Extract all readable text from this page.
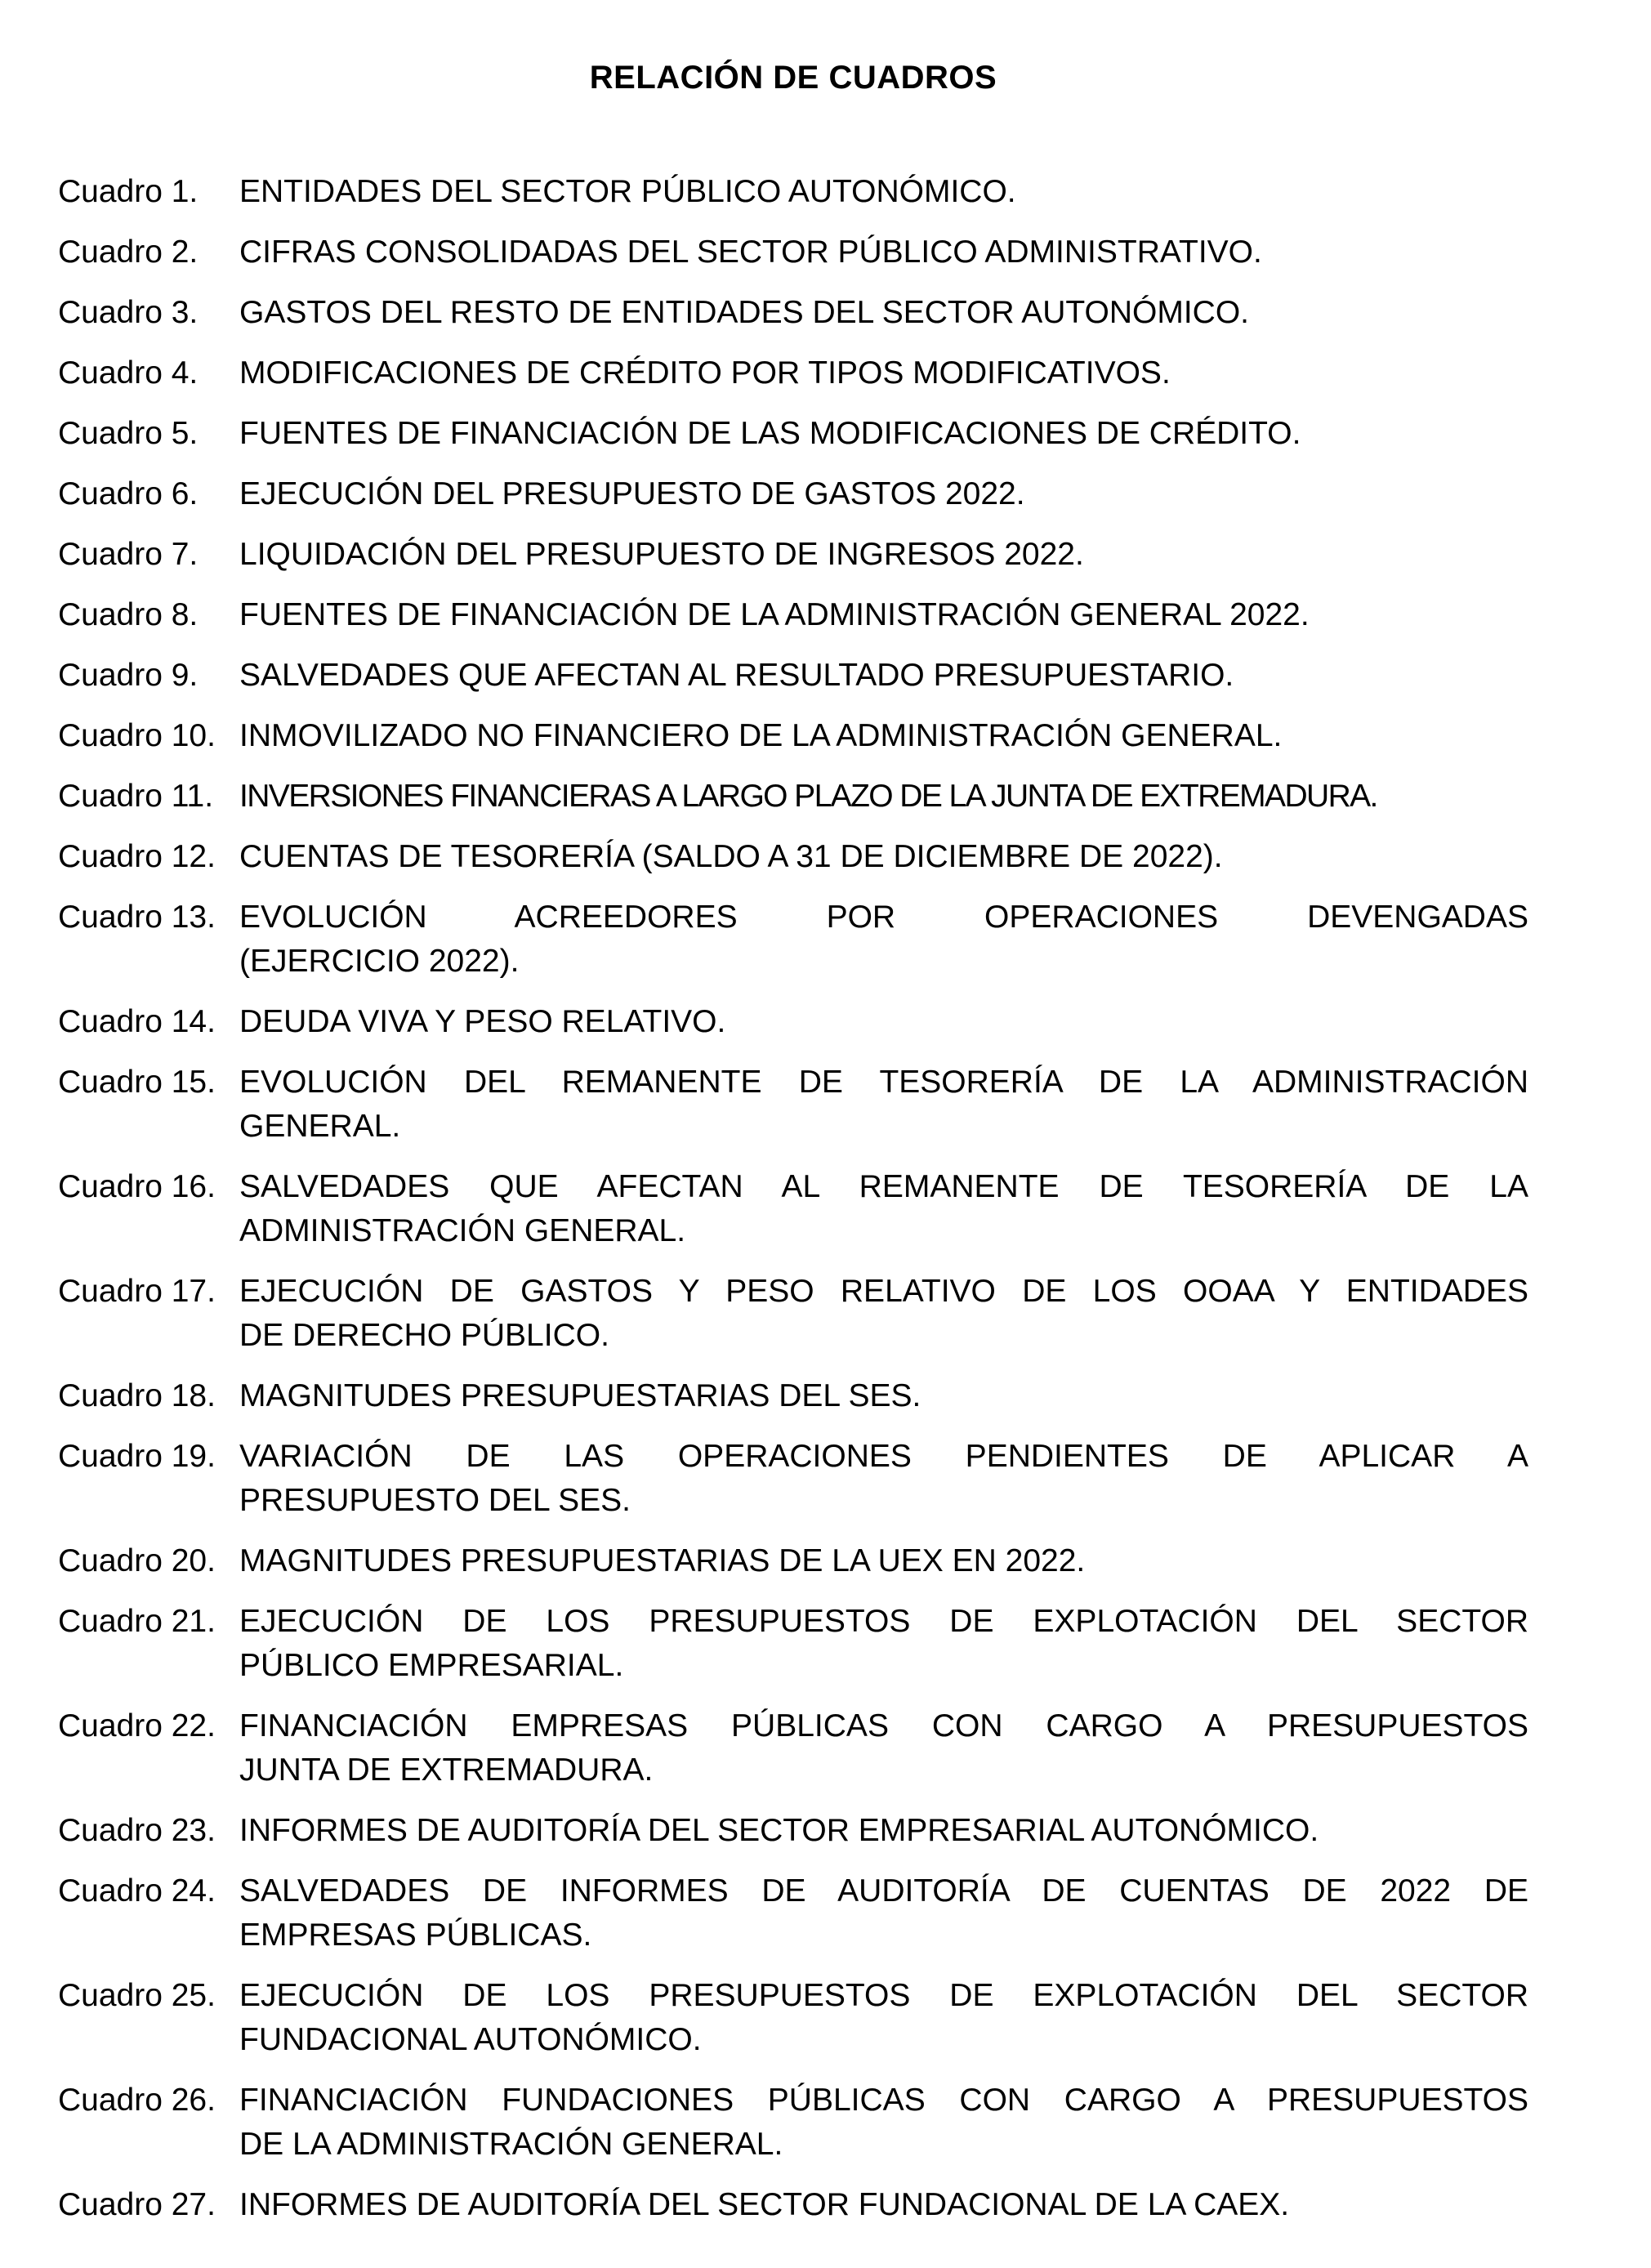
RELACIÓN DE CUADROS
Cuadro 1.	ENTIDADES DEL SECTOR PÚBLICO AUTONÓMICO.
Cuadro 2.	CIFRAS CONSOLIDADAS DEL SECTOR PÚBLICO ADMINISTRATIVO.
Cuadro 3.	GASTOS DEL RESTO DE ENTIDADES DEL SECTOR AUTONÓMICO.
Cuadro 4.	MODIFICACIONES DE CRÉDITO POR TIPOS MODIFICATIVOS.
Cuadro 5.	FUENTES DE FINANCIACIÓN DE LAS MODIFICACIONES DE CRÉDITO.
Cuadro 6.	EJECUCIÓN DEL PRESUPUESTO DE GASTOS 2022.
Cuadro 7.	LIQUIDACIÓN DEL PRESUPUESTO DE INGRESOS 2022.
Cuadro 8.	FUENTES DE FINANCIACIÓN DE LA ADMINISTRACIÓN GENERAL 2022.
Cuadro 9.	SALVEDADES QUE AFECTAN AL RESULTADO PRESUPUESTARIO.
Cuadro 10. INMOVILIZADO NO FINANCIERO DE LA ADMINISTRACIÓN GENERAL.
Cuadro 11. INVERSIONES FINANCIERAS A LARGO PLAZO DE LA JUNTA DE EXTREMADURA.
Cuadro 12. CUENTAS DE TESORERÍA (SALDO A 31 DE DICIEMBRE DE 2022).
Cuadro 13. EVOLUCIÓN ACREEDORES POR OPERACIONES DEVENGADAS
(EJERCICIO 2022).
Cuadro 14. DEUDA VIVA Y PESO RELATIVO.
Cuadro 15. EVOLUCIÓN DEL REMANENTE DE TESORERÍA DE LA ADMINISTRACIÓN
GENERAL.
Cuadro 16. SALVEDADES QUE AFECTAN AL REMANENTE DE TESORERÍA DE LA
ADMINISTRACIÓN GENERAL.
Cuadro 17. EJECUCIÓN DE GASTOS Y PESO RELATIVO DE LOS OOAA Y ENTIDADES
DE DERECHO PÚBLICO.
Cuadro 18. MAGNITUDES PRESUPUESTARIAS DEL SES.
Cuadro 19. VARIACIÓN DE LAS OPERACIONES PENDIENTES DE APLICAR A
PRESUPUESTO DEL SES.
Cuadro 20. MAGNITUDES PRESUPUESTARIAS DE LA UEX EN 2022.
Cuadro 21. EJECUCIÓN DE LOS PRESUPUESTOS DE EXPLOTACIÓN DEL SECTOR
PÚBLICO EMPRESARIAL.
Cuadro 22. FINANCIACIÓN EMPRESAS PÚBLICAS CON CARGO A PRESUPUESTOS
JUNTA DE EXTREMADURA.
Cuadro 23. INFORMES DE AUDITORÍA DEL SECTOR EMPRESARIAL AUTONÓMICO.
Cuadro 24. SALVEDADES DE INFORMES DE AUDITORÍA DE CUENTAS DE 2022 DE
EMPRESAS PÚBLICAS.
Cuadro 25. EJECUCIÓN DE LOS PRESUPUESTOS DE EXPLOTACIÓN DEL SECTOR
FUNDACIONAL AUTONÓMICO.
Cuadro 26. FINANCIACIÓN FUNDACIONES PÚBLICAS CON CARGO A PRESUPUESTOS
DE LA ADMINISTRACIÓN GENERAL.
Cuadro 27. INFORMES DE AUDITORÍA DEL SECTOR FUNDACIONAL DE LA CAEX.
